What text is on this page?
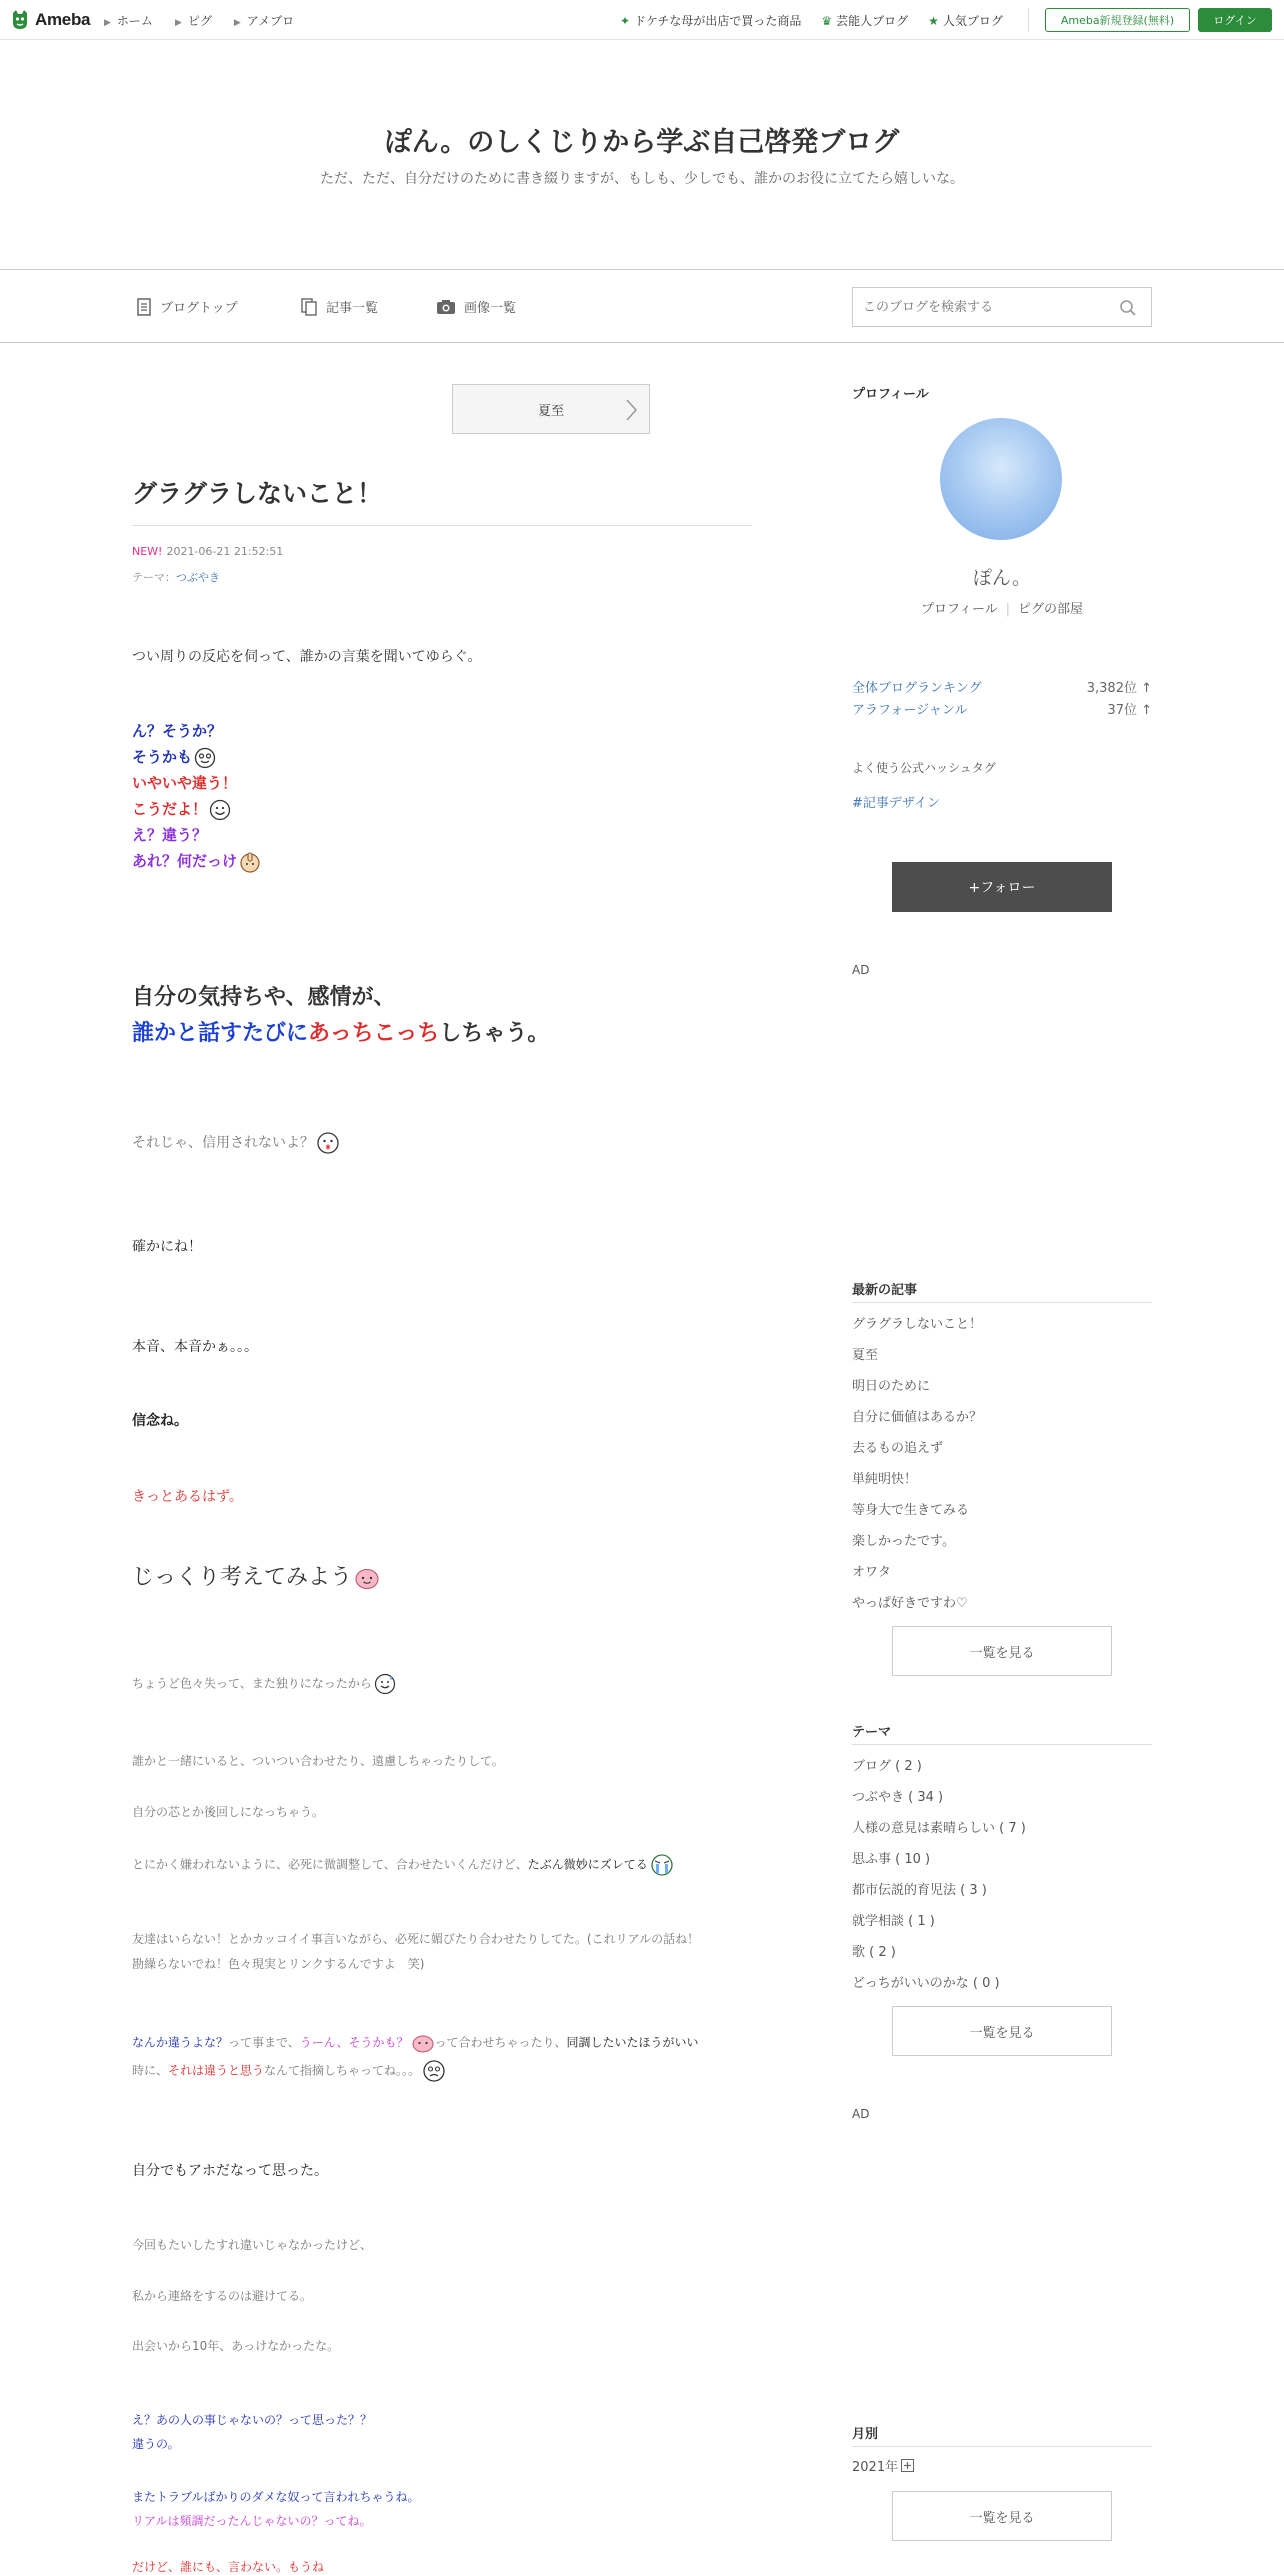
Ameba ▶ ホーム ▶ ピグ ▶ アメブロ	✦ ドケチな母が出店で買った商品 ♛ 芸能人ブログ ★ 人気ブログ	Ameba新規登録(無料)	ログイン
ぽん。のしくじりから学ぶ自己啓発ブログ
ただ、ただ、自分だけのために書き綴りますが、もしも、少しでも、誰かのお役に立てたら嬉しいな。
ブログトップ	記事一覧	画像一覧
このブログを検索する
夏至
グラグラしないこと！
NEW! 2021-06-21 21:52:51
テーマ：つぶやき
つい周りの反応を伺って、誰かの言葉を聞いてゆらぐ。
ん？そうか？
そうかも
いやいや違う！
こうだよ！
え？違う？
あれ？何だっけ
自分の気持ちや、感情が、
誰かと話すたびにあっちこっちしちゃう。
それじゃ、信用されないよ？
確かにね！
本音、本音かぁ。。。
信念ね。
きっとあるはず。
じっくり考えてみよう
ちょうど色々失って、また独りになったから
誰かと一緒にいると、ついつい合わせたり、遠慮しちゃったりして。
自分の芯とか後回しになっちゃう。
とにかく嫌われないように、必死に微調整して、合わせたいくんだけど、たぶん微妙にズレてる
友達はいらない！とかカッコイイ事言いながら、必死に媚びたり合わせたりしてた。(これリアルの話ね！
勘繰らないでね！色々現実とリンクするんですよ　笑)
なんか違うよな？って事まで、うーん、そうかも？ って合わせちゃったり、同調したいたほうがいい
時に、それは違うと思うなんて指摘しちゃってね。。。
自分でもアホだなって思った。
今回もたいしたすれ違いじゃなかったけど、
私から連絡をするのは避けてる。
出会いから10年、あっけなかったな。
え？あの人の事じゃないの？って思った？？
違うの。
またトラブルばかりのダメな奴って言われちゃうね。
リアルは頻調だったんじゃないの？ってね。
だけど、誰にも、言わない。もうね
プロフィール
ぽん。
プロフィール | ピグの部屋
全体ブログランキング	3,382位 ↑
アラフォージャンル	37位 ↑
よく使う公式ハッシュタグ
#記事デザイン
+フォロー
AD
最新の記事
グラグラしないこと！
夏至
明日のために
自分に価値はあるか？
去るもの追えず
単純明快！
等身大で生きてみる
楽しかったです。
オワタ
やっぱ好きですわ♡
一覧を見る
テーマ
ブログ ( 2 )
つぶやき ( 34 )
人様の意見は素晴らしい ( 7 )
思ふ事 ( 10 )
都市伝説的育児法 ( 3 )
就学相談 ( 1 )
歌 ( 2 )
どっちがいいのかな ( 0 )
一覧を見る
AD
月別
2021年
一覧を見る
